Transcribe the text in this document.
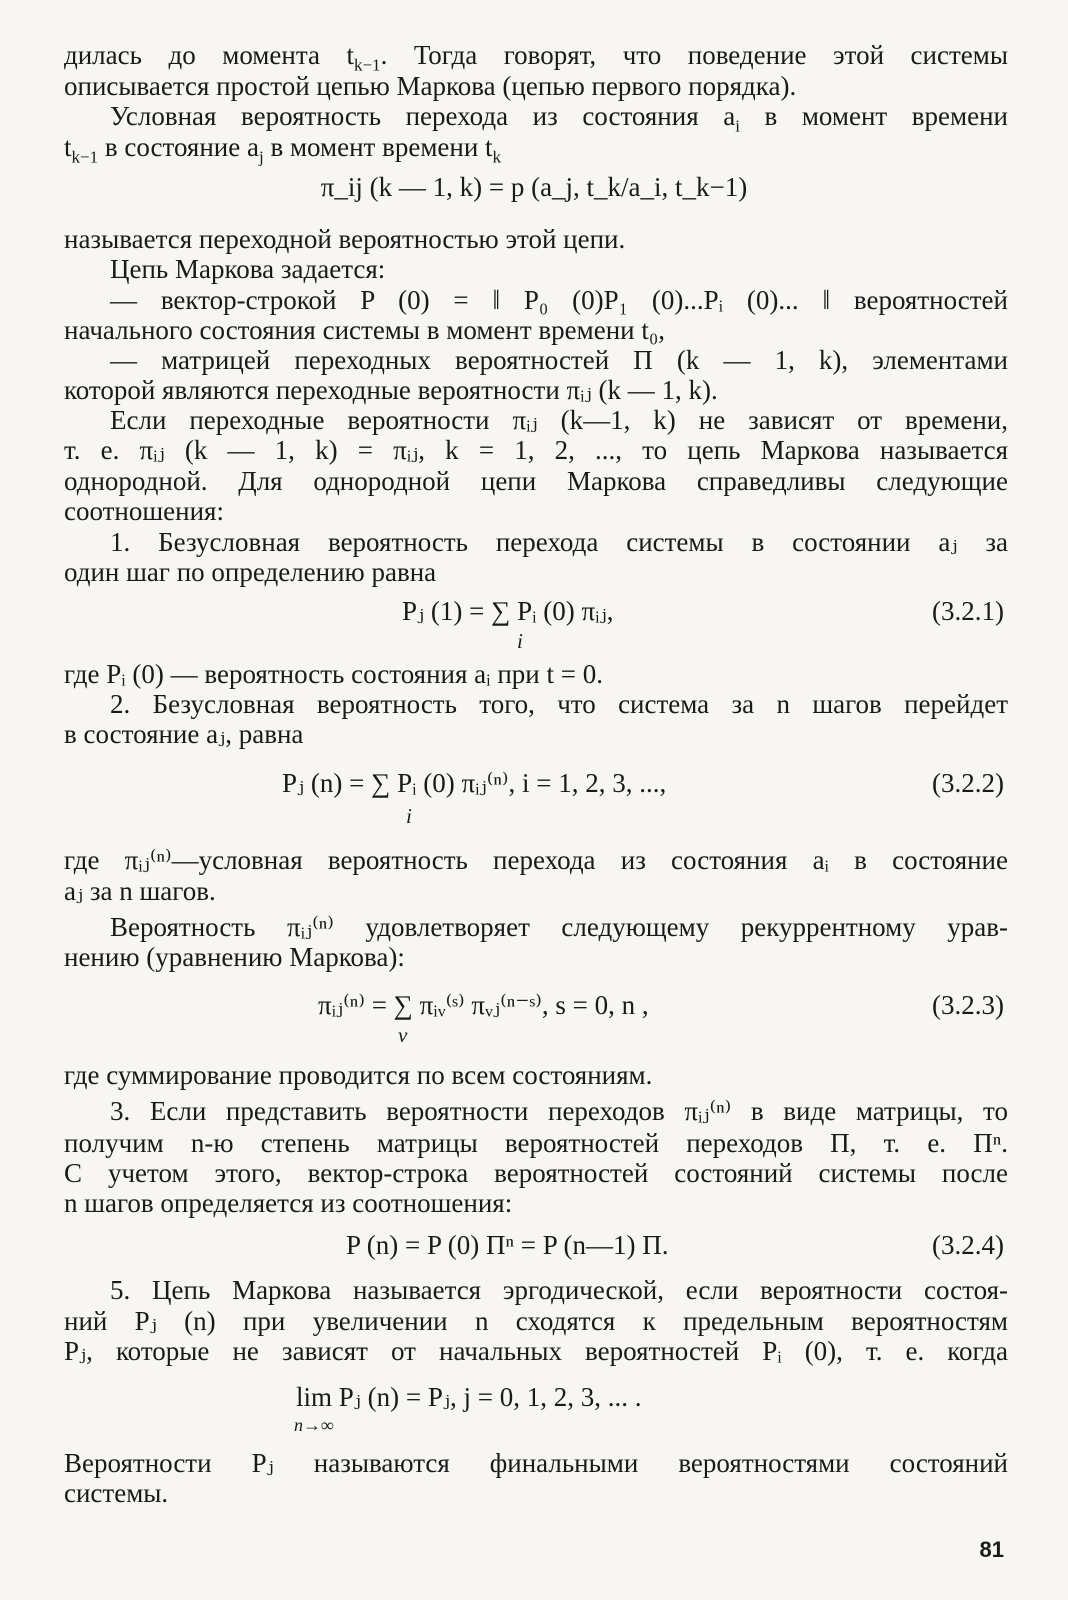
дилась до момента $t_{k-1}$. Тогда говорят, что поведение этой системы

описывается простой цепью Маркова (цепью первого порядка).

Условная вероятность перехода из состояния $a_i$ в момент времени

$t_{k-1}$ в состояние $a_j$ в момент времени $t_k$

π_ij (k — 1, k) = p (a_j, t_k/a_i, t_k−1)

называется переходной вероятностью этой цепи.

Цепь Маркова задается:

— вектор-строкой P (0) = ‖ P₀ (0)P₁ (0)...Pᵢ (0)... ‖ вероятностей

начального состояния системы в момент времени t₀,

— матрицей переходных вероятностей Π (k — 1, k), элементами

которой являются переходные вероятности πᵢⱼ (k — 1, k).

Если переходные вероятности πᵢⱼ (k—1, k) не зависят от времени,

т. е. πᵢⱼ (k — 1, k) = πᵢⱼ, k = 1, 2, ..., то цепь Маркова называется

однородной. Для однородной цепи Маркова справедливы следующие

соотношения:

1. Безусловная вероятность перехода системы в состоянии aⱼ за

один шаг по определению равна

Pⱼ (1) = ∑ Pᵢ (0) πᵢⱼ,
i
(3.2.1)

где Pᵢ (0) — вероятность состояния aᵢ при t = 0.

2. Безусловная вероятность того, что система за n шагов перейдет

в состояние aⱼ, равна

Pⱼ (n) = ∑ Pᵢ (0) πᵢⱼ⁽ⁿ⁾, i = 1, 2, 3, ...,
i
(3.2.2)

где πᵢⱼ⁽ⁿ⁾—условная вероятность перехода из состояния aᵢ в состояние

aⱼ за n шагов.

Вероятность πᵢⱼ⁽ⁿ⁾ удовлетворяет следующему рекуррентному урав-

нению (уравнению Маркова):

πᵢⱼ⁽ⁿ⁾ = ∑ πᵢᵥ⁽ˢ⁾ πᵥⱼ⁽ⁿ⁻ˢ⁾, s = 0, n ,
ν
(3.2.3)

где суммирование проводится по всем состояниям.

3. Если представить вероятности переходов πᵢⱼ⁽ⁿ⁾ в виде матрицы, то

получим n-ю степень матрицы вероятностей переходов Π, т. е. Πⁿ.

С учетом этого, вектор-строка вероятностей состояний системы после

n шагов определяется из соотношения:

P (n) = P (0) Πⁿ = P (n—1) Π.	(3.2.4)

5. Цепь Маркова называется эргодической, если вероятности состоя-

ний Pⱼ (n) при увеличении n сходятся к предельным вероятностям

Pⱼ, которые не зависят от начальных вероятностей Pᵢ (0), т. е. когда

lim Pⱼ (n) = Pⱼ, j = 0, 1, 2, 3, ... .
n→∞

Вероятности Pⱼ называются финальными вероятностями состояний

системы.

81
